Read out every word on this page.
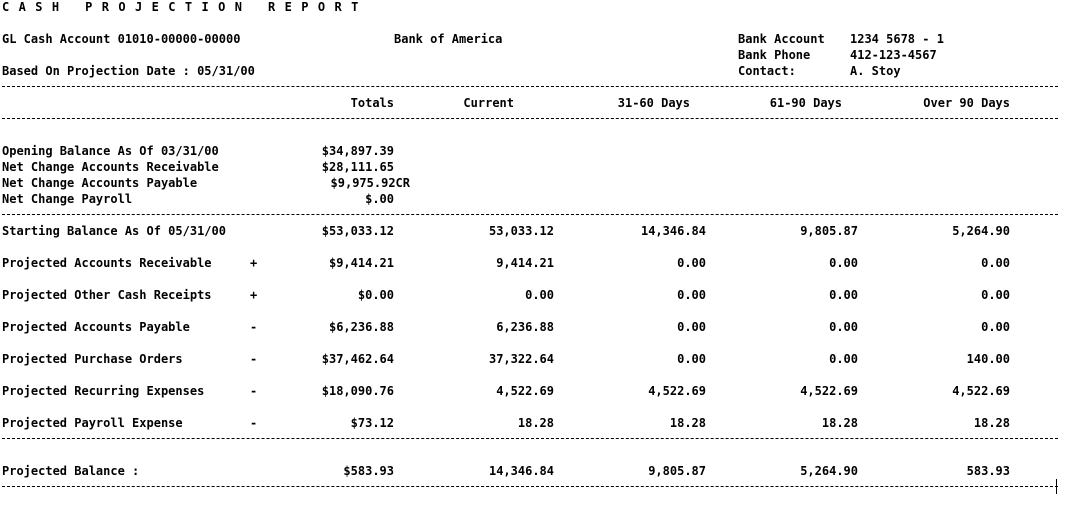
CASH PROJECTION REPORT
GL Cash Account 01010-00000-00000	Bank of America	Bank Account 1234 5678 - 1
Bank Phone	412-123-4567
Based On Projection Date : 05/31/00	Contact:	A. Stoy
Totals	Current	31-60 Days	61-90 Days	Over 90 Days
Opening Balance As Of 03/31/00	$34,897.39
Net Change Accounts Receivable	$28,111.65
Net Change Accounts Payable	$9,975.92CR
Net Change Payroll	$.00
Starting Balance As Of 05/31/00	$53,033.12	53,033.12	14,346.84	9,805.87	5,264.90
Projected Accounts Receivable	+	$9,414.21	9,414.21	0.00	0.00	0.00
Projected Other Cash Receipts	+	$0.00	0.00	0.00	0.00	0.00
Projected Accounts Payable	-	$6,236.88	6,236.88	0.00	0.00	0.00
Projected Purchase Orders	-	$37,462.64	37,322.64	0.00	0.00	140.00
Projected Recurring Expenses	-	$18,090.76	4,522.69	4,522.69	4,522.69	4,522.69
Projected Payroll Expense	-	$73.12	18.28	18.28	18.28	18.28
Projected Balance :	$583.93	14,346.84	9,805.87	5,264.90	583.93
